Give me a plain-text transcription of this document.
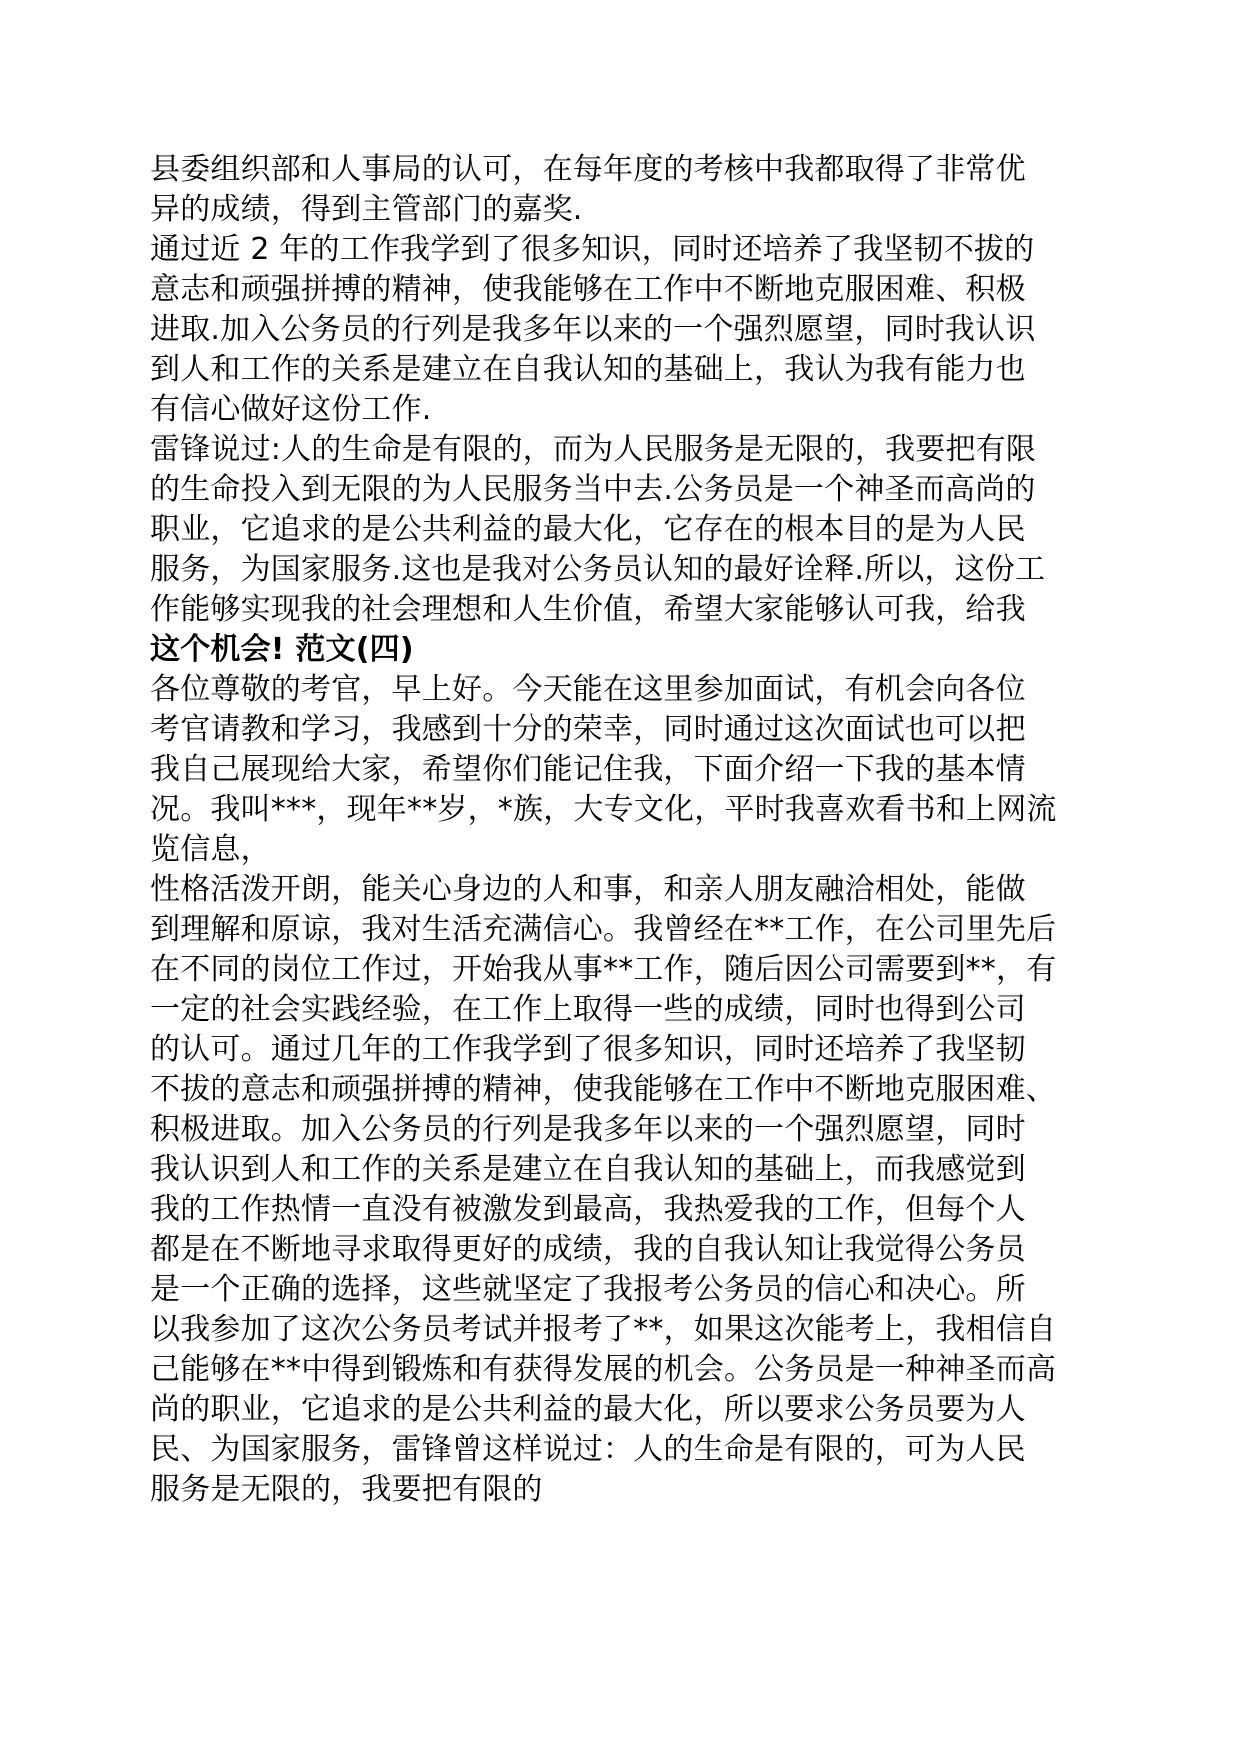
县委组织部和人事局的认可，在每年度的考核中我都取得了非常优
异的成绩，得到主管部门的嘉奖.
通过近 2 年的工作我学到了很多知识，同时还培养了我坚韧不拔的
意志和顽强拼搏的精神，使我能够在工作中不断地克服困难、积极
进取.加入公务员的行列是我多年以来的一个强烈愿望，同时我认识
到人和工作的关系是建立在自我认知的基础上，我认为我有能力也
有信心做好这份工作.
雷锋说过:人的生命是有限的，而为人民服务是无限的，我要把有限
的生命投入到无限的为人民服务当中去.公务员是一个神圣而高尚的
职业，它追求的是公共利益的最大化，它存在的根本目的是为人民
服务，为国家服务.这也是我对公务员认知的最好诠释.所以，这份工
作能够实现我的社会理想和人生价值，希望大家能够认可我，给我
这个机会! 范文(四)
各位尊敬的考官，早上好。今天能在这里参加面试，有机会向各位
考官请教和学习，我感到十分的荣幸，同时通过这次面试也可以把
我自己展现给大家，希望你们能记住我，下面介绍一下我的基本情
况。我叫***，现年**岁，*族，大专文化，平时我喜欢看书和上网流
览信息，
性格活泼开朗，能关心身边的人和事，和亲人朋友融洽相处，能做
到理解和原谅，我对生活充满信心。我曾经在**工作，在公司里先后
在不同的岗位工作过，开始我从事**工作，随后因公司需要到**，有
一定的社会实践经验，在工作上取得一些的成绩，同时也得到公司
的认可。通过几年的工作我学到了很多知识，同时还培养了我坚韧
不拔的意志和顽强拼搏的精神，使我能够在工作中不断地克服困难、
积极进取。加入公务员的行列是我多年以来的一个强烈愿望，同时
我认识到人和工作的关系是建立在自我认知的基础上，而我感觉到
我的工作热情一直没有被激发到最高，我热爱我的工作，但每个人
都是在不断地寻求取得更好的成绩，我的自我认知让我觉得公务员
是一个正确的选择，这些就坚定了我报考公务员的信心和决心。所
以我参加了这次公务员考试并报考了**，如果这次能考上，我相信自
己能够在**中得到锻炼和有获得发展的机会。公务员是一种神圣而高
尚的职业，它追求的是公共利益的最大化，所以要求公务员要为人
民、为国家服务，雷锋曾这样说过：人的生命是有限的，可为人民
服务是无限的，我要把有限的
